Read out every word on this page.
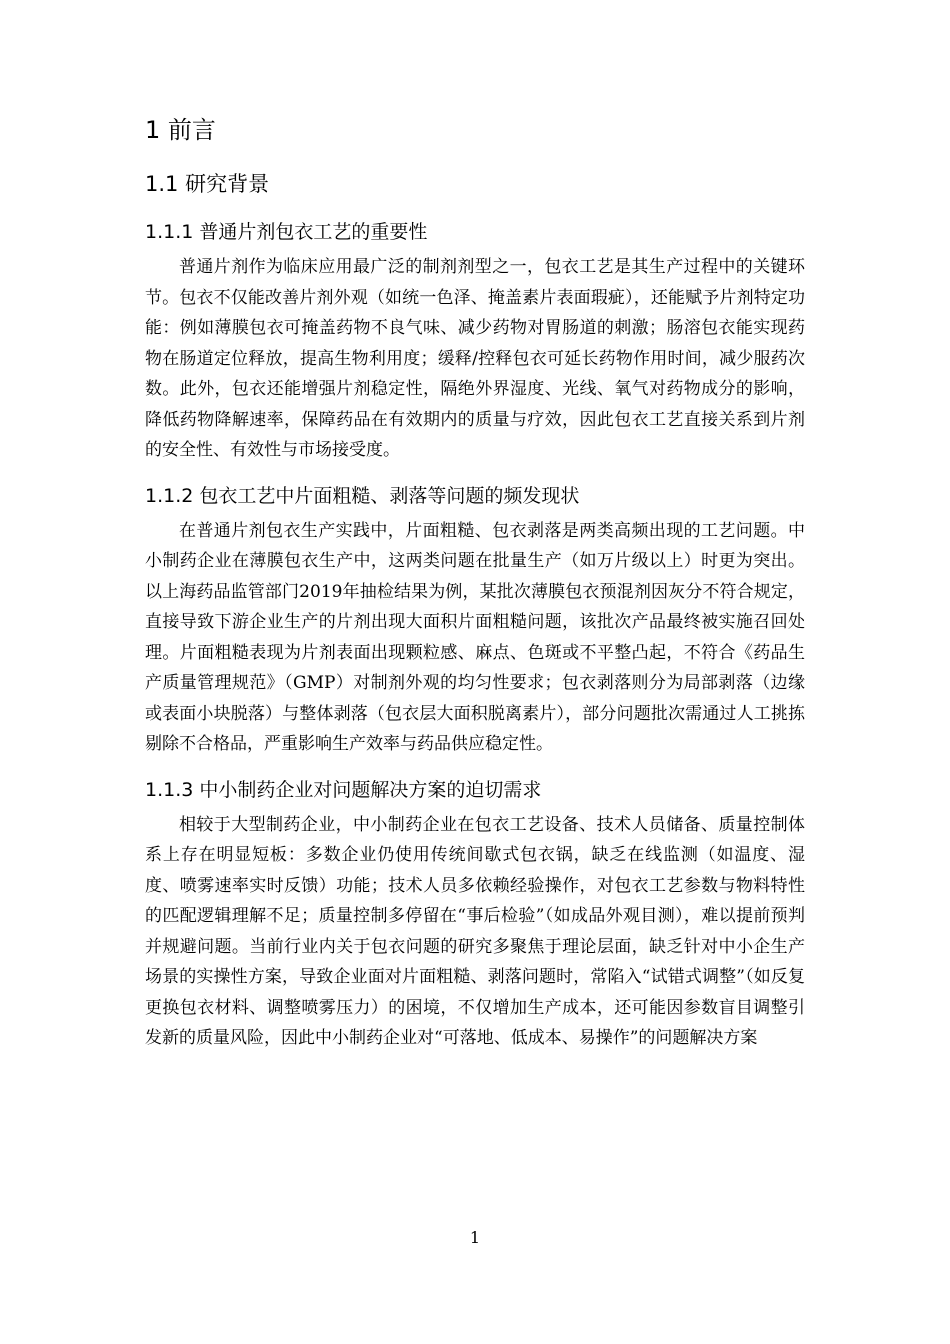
1 前言
1.1 研究背景
1.1.1 普通片剂包衣工艺的重要性

普通片剂作为临床应用最广泛的制剂剂型之一，包衣工艺是其生产过程中的关键环节。包衣不仅能改善片剂外观（如统一色泽、掩盖素片表面瑕疵），还能赋予片剂特定功能：例如薄膜包衣可掩盖药物不良气味、减少药物对胃肠道的刺激；肠溶包衣能实现药物在肠道定位释放，提高生物利用度；缓释/控释包衣可延长药物作用时间，减少服药次数。此外，包衣还能增强片剂稳定性，隔绝外界湿度、光线、氧气对药物成分的影响，降低药物降解速率，保障药品在有效期内的质量与疗效，因此包衣工艺直接关系到片剂的安全性、有效性与市场接受度。

1.1.2 包衣工艺中片面粗糙、剥落等问题的频发现状

在普通片剂包衣生产实践中，片面粗糙、包衣剥落是两类高频出现的工艺问题。中小制药企业在薄膜包衣生产中，这两类问题在批量生产（如万片级以上）时更为突出。以上海药品监管部门2019年抽检结果为例，某批次薄膜包衣预混剂因灰分不符合规定，直接导致下游企业生产的片剂出现大面积片面粗糙问题，该批次产品最终被实施召回处理。片面粗糙表现为片剂表面出现颗粒感、麻点、色斑或不平整凸起，不符合《药品生产质量管理规范》（GMP）对制剂外观的均匀性要求；包衣剥落则分为局部剥落（边缘或表面小块脱落）与整体剥落（包衣层大面积脱离素片），部分问题批次需通过人工挑拣剔除不合格品，严重影响生产效率与药品供应稳定性。

1.1.3 中小制药企业对问题解决方案的迫切需求

相较于大型制药企业，中小制药企业在包衣工艺设备、技术人员储备、质量控制体系上存在明显短板：多数企业仍使用传统间歇式包衣锅，缺乏在线监测（如温度、湿度、喷雾速率实时反馈）功能；技术人员多依赖经验操作，对包衣工艺参数与物料特性的匹配逻辑理解不足；质量控制多停留在“事后检验”（如成品外观目测），难以提前预判并规避问题。当前行业内关于包衣问题的研究多聚焦于理论层面，缺乏针对中小企生产场景的实操性方案，导致企业面对片面粗糙、剥落问题时，常陷入“试错式调整”（如反复更换包衣材料、调整喷雾压力）的困境，不仅增加生产成本，还可能因参数盲目调整引发新的质量风险，因此中小制药企业对“可落地、低成本、易操作”的问题解决方案

1
